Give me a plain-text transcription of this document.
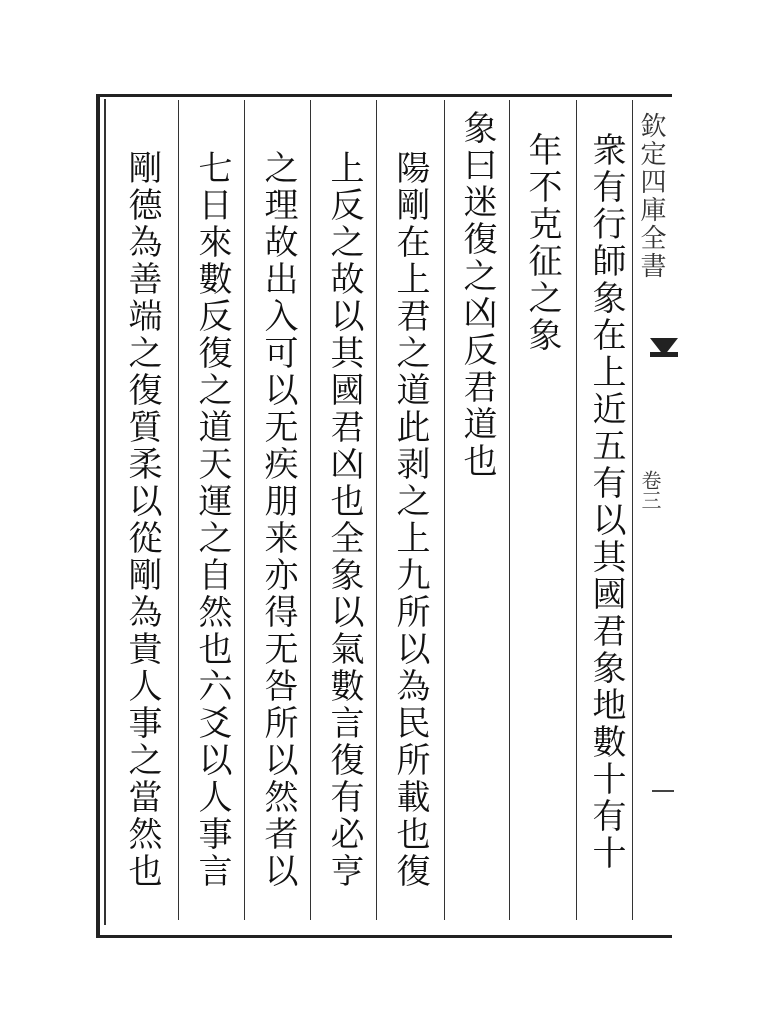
欽定四庫全書
卷三
衆有行師象在上近五有以其國君象地數十有十
年不克征之象
象曰迷復之凶反君道也
陽剛在上君之道此剥之上九所以為民所載也復
上反之故以其國君凶也全象以氣數言復有必亨
之理故出入可以无疾朋来亦得无咎所以然者以
七日來數反復之道天運之自然也六爻以人事言
剛德為善端之復質柔以從剛為貴人事之當然也
